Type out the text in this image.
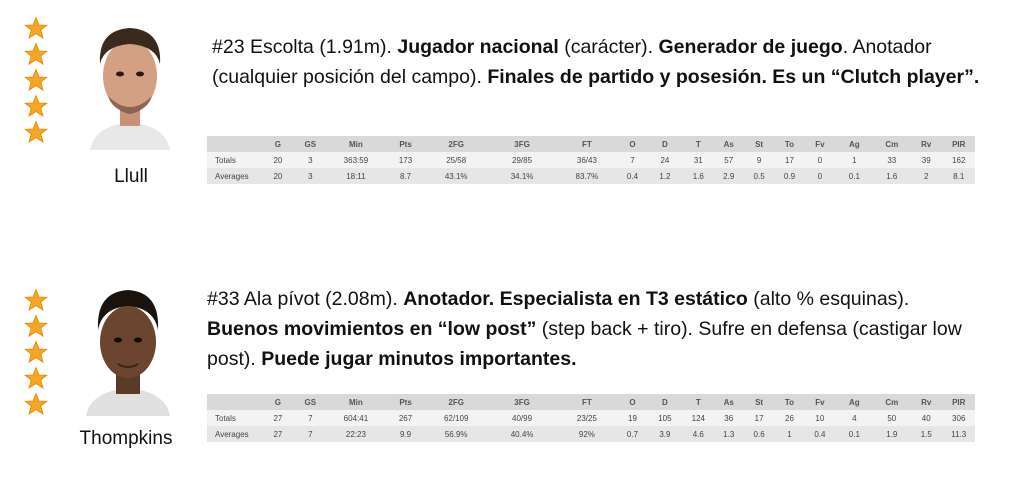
Llull
#23 Escolta (1.91m). Jugador nacional (carácter). Generador de juego. Anotador (cualquier posición del campo). Finales de partido y posesión. Es un “Clutch player”.
	G	GS	Min	Pts	2FG	3FG	FT	O	D	T	As	St	To	Fv	Ag	Cm	Rv	PIR
Totals	20	3	363:59	173	25/58	29/85	36/43	7	24	31	57	9	17	0	1	33	39	162
Averages	20	3	18:11	8.7	43.1%	34.1%	83.7%	0.4	1.2	1.6	2.9	0.5	0.9	0	0.1	1.6	2	8.1
Thompkins
#33 Ala pívot (2.08m). Anotador. Especialista en T3 estático (alto % esquinas). Buenos movimientos en “low post” (step back + tiro). Sufre en defensa (castigar low post). Puede jugar minutos importantes.
	G	GS	Min	Pts	2FG	3FG	FT	O	D	T	As	St	To	Fv	Ag	Cm	Rv	PIR
Totals	27	7	604:41	267	62/109	40/99	23/25	19	105	124	36	17	26	10	4	50	40	306
Averages	27	7	22:23	9.9	56.9%	40.4%	92%	0.7	3.9	4.6	1.3	0.6	1	0.4	0.1	1.9	1.5	11.3
